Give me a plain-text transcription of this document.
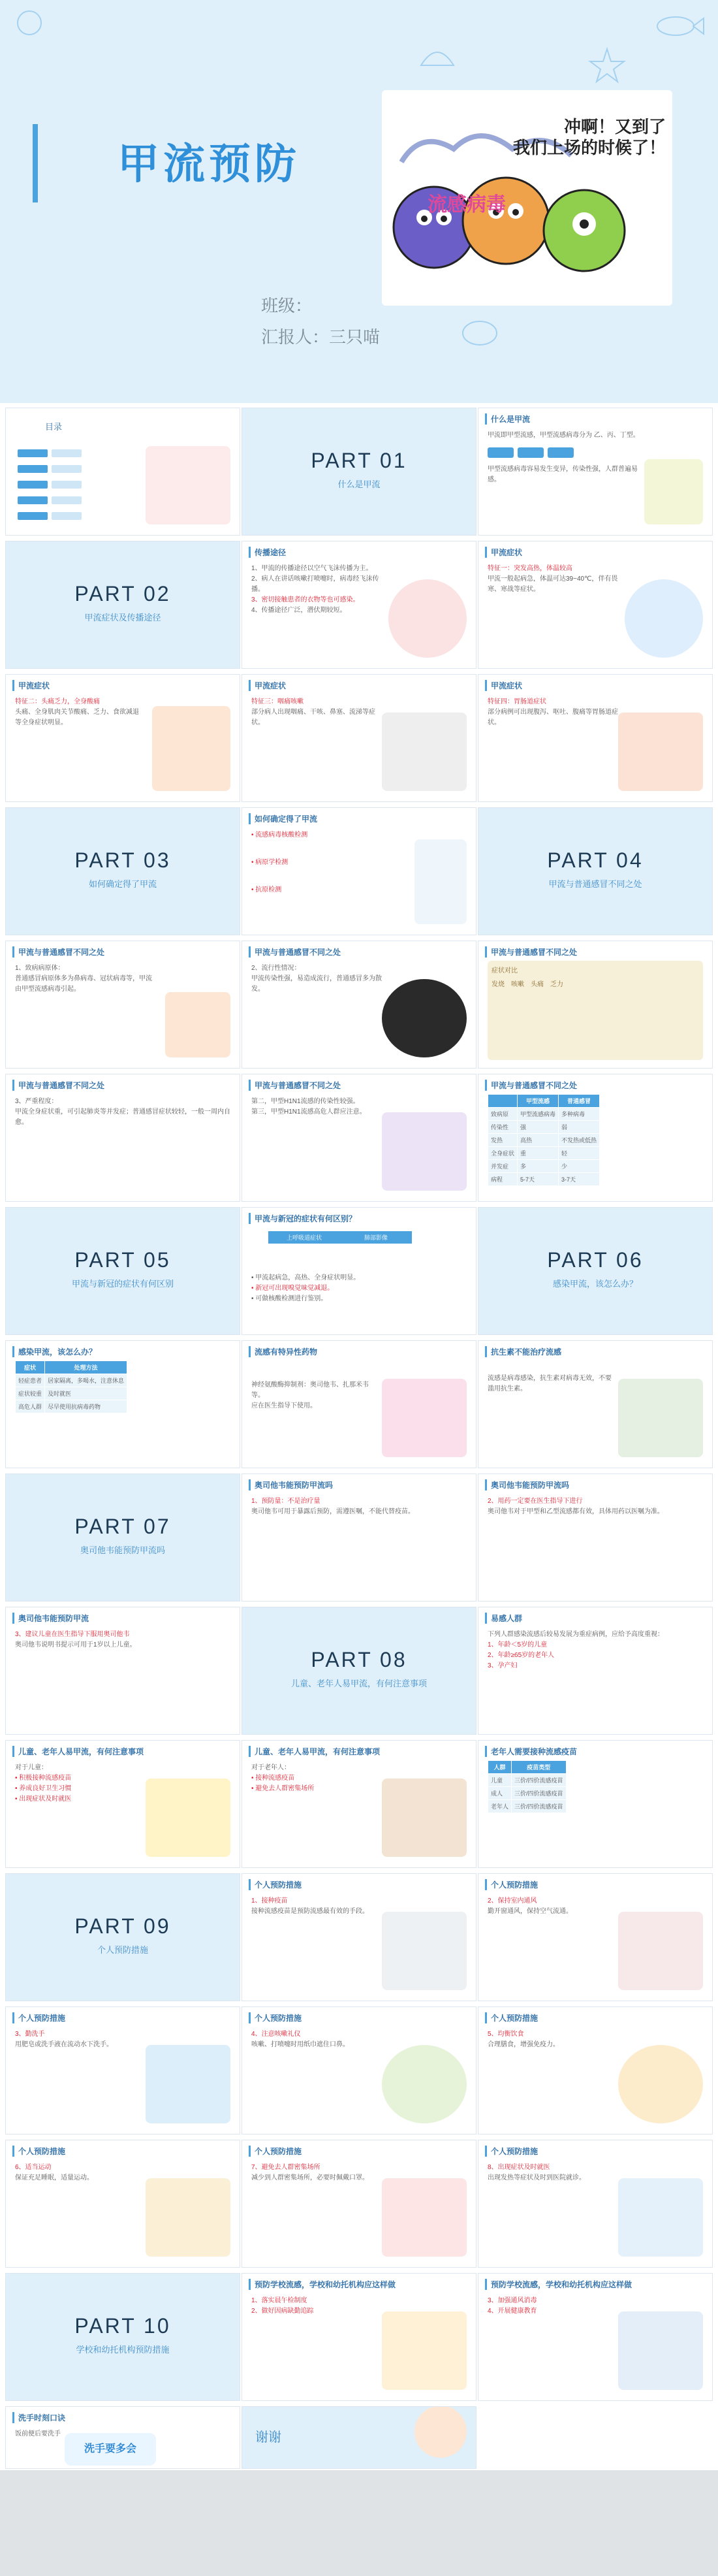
甲流预防
班级：
汇报人：三只喵
流感病毒
冲啊！又到了
我们上场的时候了！
目录
PART 01
什么是甲流
什么是甲流
甲流即甲型流感，甲型流感病毒分为 乙、丙、丁型。
甲型流感病毒容易发生变异，传染性强，人群普遍易感。
PART 02
甲流症状及传播途径
传播途径
1、甲流的传播途径以空气飞沫传播为主。
2、病人在讲话咳嗽打喷嚏时，病毒经飞沫传播。
3、密切接触患者的衣物等也可感染。
4、传播途径广泛，潜伏期较短。
甲流症状
特征一：突发高热，体温较高
甲流一般起病急，体温可达39~40℃，伴有畏寒、寒战等症状。
甲流症状
特征二：头痛乏力，全身酸痛
头痛、全身肌肉关节酸痛、乏力、食欲减退等全身症状明显。
甲流症状
特征三：咽痛咳嗽
部分病人出现咽痛、干咳、鼻塞、流涕等症状。
甲流症状
特征四：胃肠道症状
部分病例可出现腹泻、呕吐、腹痛等胃肠道症状。
PART 03
如何确定得了甲流
如何确定得了甲流
• 流感病毒核酸检测
• 病原学检测
• 抗原检测
PART 04
甲流与普通感冒不同之处
甲流与普通感冒不同之处
1、致病病原体：
普通感冒病原体多为鼻病毒、冠状病毒等，甲流由甲型流感病毒引起。
甲流与普通感冒不同之处
2、流行性情况：
甲流传染性强，易造成流行，普通感冒多为散发。
甲流与普通感冒不同之处
症状对比
发烧　咳嗽　头痛　乏力
甲流与普通感冒不同之处
3、严重程度：
甲流全身症状重，可引起肺炎等并发症；普通感冒症状较轻，一般一周内自愈。
甲流与普通感冒不同之处
第二，甲型H1N1流感的传染性较强。
第三，甲型H1N1流感高危人群应注意。
甲流与普通感冒不同之处
	甲型流感	普通感冒
致病原	甲型流感病毒	多种病毒
传染性	强	弱
发热	高热	不发热或低热
全身症状	重	轻
并发症	多	少
病程	5-7天	3-7天
PART 05
甲流与新冠的症状有何区别
甲流与新冠的症状有何区别？
上呼吸道症状	肺部影像
• 甲流起病急，高热、全身症状明显。
• 新冠可出现嗅觉味觉减退。
• 可做核酸检测进行鉴别。
PART 06
感染甲流，该怎么办？
感染甲流，该怎么办？
症状	处理方法
轻症患者	居家隔离，多喝水，注意休息
症状较重	及时就医
高危人群	尽早使用抗病毒药物
流感有特异性药物
神经氨酸酶抑制剂：奥司他韦、扎那米韦等。
应在医生指导下使用。
抗生素不能治疗流感
流感是病毒感染，抗生素对病毒无效，不要滥用抗生素。
PART 07
奥司他韦能预防甲流吗
奥司他韦能预防甲流吗
1、预防量：不是治疗量
奥司他韦可用于暴露后预防，需遵医嘱，不能代替疫苗。
奥司他韦能预防甲流吗
2、用药一定要在医生指导下进行
奥司他韦对于甲型和乙型流感都有效，具体用药以医嘱为准。
奥司他韦能预防甲流
3、建议儿童在医生指导下服用奥司他韦
奥司他韦说明书提示可用于1岁以上儿童。
PART 08
儿童、老年人易甲流，有何注意事项
易感人群
下列人群感染流感后较易发展为重症病例，应给予高度重视：
1、年龄＜5岁的儿童
2、年龄≥65岁的老年人
3、孕产妇
儿童、老年人易甲流，有何注意事项
对于儿童：
• 积极接种流感疫苗
• 养成良好卫生习惯
• 出现症状及时就医
儿童、老年人易甲流，有何注意事项
对于老年人：
• 接种流感疫苗
• 避免去人群密集场所
老年人需要接种流感疫苗
人群	疫苗类型
儿童	三价/四价流感疫苗
成人	三价/四价流感疫苗
老年人	三价/四价流感疫苗
PART 09
个人预防措施
个人预防措施
1、接种疫苗
接种流感疫苗是预防流感最有效的手段。
个人预防措施
2、保持室内通风
勤开窗通风，保持空气流通。
个人预防措施
3、勤洗手
用肥皂或洗手液在流动水下洗手。
个人预防措施
4、注意咳嗽礼仪
咳嗽、打喷嚏时用纸巾遮住口鼻。
个人预防措施
5、均衡饮食
合理膳食，增强免疫力。
个人预防措施
6、适当运动
保证充足睡眠，适量运动。
个人预防措施
7、避免去人群密集场所
减少到人群密集场所，必要时佩戴口罩。
个人预防措施
8、出现症状及时就医
出现发热等症状及时到医院就诊。
PART 10
学校和幼托机构预防措施
预防学校流感，学校和幼托机构应这样做
1、落实晨午检制度
2、做好因病缺勤追踪
预防学校流感，学校和幼托机构应这样做
3、加强通风消毒
4、开展健康教育
洗手时刻口诀
饭前便后要洗手
洗手要多会
谢谢
